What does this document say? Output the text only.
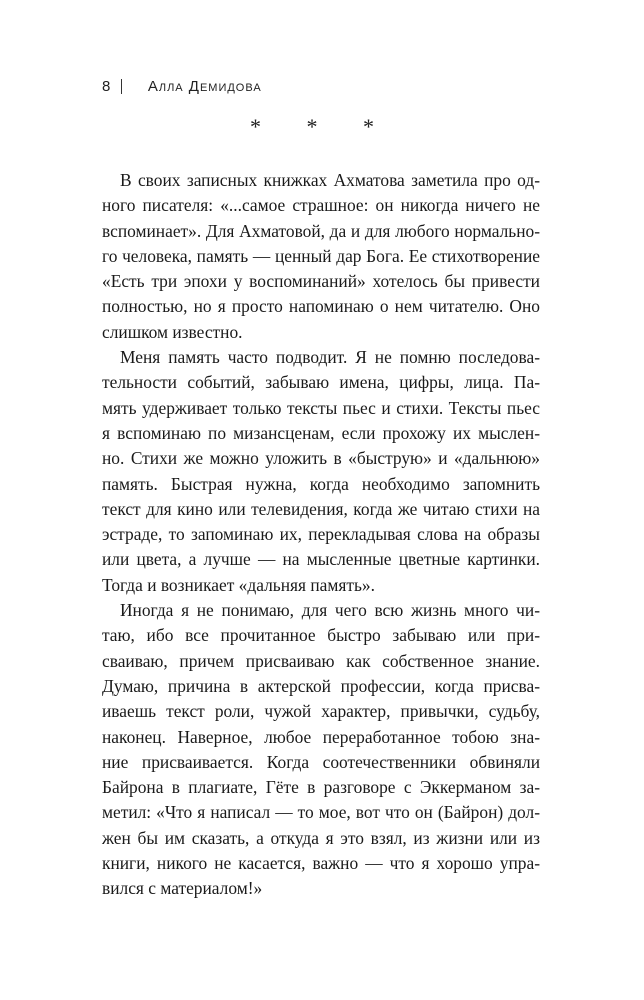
8 Алла Демидова
* * *

В своих записных книжках Ахматова заметила про од-
ного писателя: «...самое страшное: он никогда ничего не
вспоминает». Для Ахматовой, да и для любого нормально-
го человека, память — ценный дар Бога. Ее стихотворение
«Есть три эпохи у воспоминаний» хотелось бы привести
полностью, но я просто напоминаю о нем читателю. Оно
слишком известно.

Меня память часто подводит. Я не помню последова-
тельности событий, забываю имена, цифры, лица. Па-
мять удерживает только тексты пьес и стихи. Тексты пьес
я вспоминаю по мизансценам, если прохожу их мыслен-
но. Стихи же можно уложить в «быструю» и «дальнюю»
память. Быстрая нужна, когда необходимо запомнить
текст для кино или телевидения, когда же читаю стихи на
эстраде, то запоминаю их, перекладывая слова на образы
или цвета, а лучше — на мысленные цветные картинки.
Тогда и возникает «дальняя память».

Иногда я не понимаю, для чего всю жизнь много чи-
таю, ибо все прочитанное быстро забываю или при-
сваиваю, причем присваиваю как собственное знание.
Думаю, причина в актерской профессии, когда присва-
иваешь текст роли, чужой характер, привычки, судьбу,
наконец. Наверное, любое переработанное тобою зна-
ние присваивается. Когда соотечественники обвиняли
Байрона в плагиате, Гёте в разговоре с Эккерманом за-
метил: «Что я написал — то мое, вот что он (Байрон) дол-
жен бы им сказать, а откуда я это взял, из жизни или из
книги, никого не касается, важно — что я хорошо упра-
вился с материалом!»
